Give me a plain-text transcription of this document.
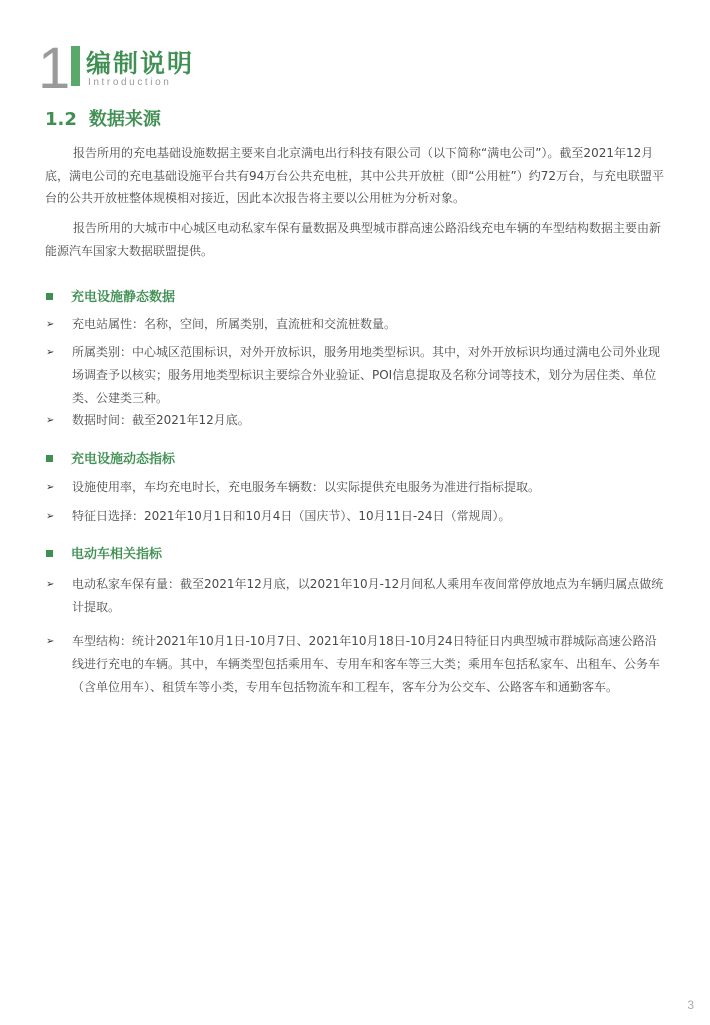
1 编制说明
Introduction
1.2 数据来源

报告所用的充电基础设施数据主要来自北京满电出行科技有限公司（以下简称“满电公司”）。截至2021年12月底，满电公司的充电基础设施平台共有94万台公共充电桩，其中公共开放桩（即“公用桩”）约72万台，与充电联盟平台的公共开放桩整体规模相对接近，因此本次报告将主要以公用桩为分析对象。

报告所用的大城市中心城区电动私家车保有量数据及典型城市群高速公路沿线充电车辆的车型结构数据主要由新能源汽车国家大数据联盟提供。

充电设施静态数据
➢ 充电站属性：名称，空间，所属类别，直流桩和交流桩数量。
➢ 所属类别：中心城区范围标识，对外开放标识，服务用地类型标识。其中，对外开放标识均通过满电公司外业现场调查予以核实；服务用地类型标识主要综合外业验证、POI信息提取及名称分词等技术，划分为居住类、单位类、公建类三种。
➢ 数据时间：截至2021年12月底。
充电设施动态指标
➢ 设施使用率，车均充电时长，充电服务车辆数：以实际提供充电服务为准进行指标提取。
➢ 特征日选择：2021年10月1日和10月4日（国庆节）、10月11日-24日（常规周）。
电动车相关指标
➢ 电动私家车保有量：截至2021年12月底，以2021年10月-12月间私人乘用车夜间常停放地点为车辆归属点做统计提取。
➢ 车型结构：统计2021年10月1日-10月7日、2021年10月18日-10月24日特征日内典型城市群城际高速公路沿线进行充电的车辆。其中，车辆类型包括乘用车、专用车和客车等三大类；乘用车包括私家车、出租车、公务车（含单位用车）、租赁车等小类，专用车包括物流车和工程车，客车分为公交车、公路客车和通勤客车。
3
